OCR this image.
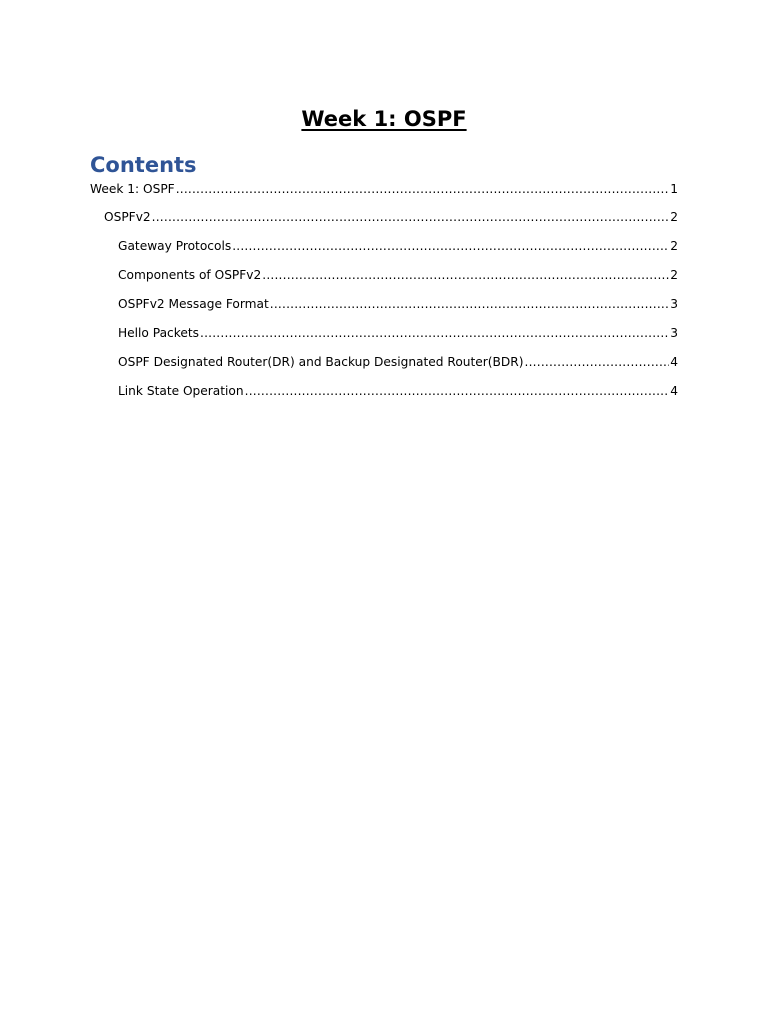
Week 1: OSPF
Contents
Week 1: OSPF .....	1
OSPFv2 .....	2
Gateway Protocols .....	2
Components of OSPFv2 .....	2
OSPFv2 Message Format .....	3
Hello Packets .....	3
OSPF Designated Router(DR) and Backup Designated Router(BDR) .....	4
Link State Operation .....	4
